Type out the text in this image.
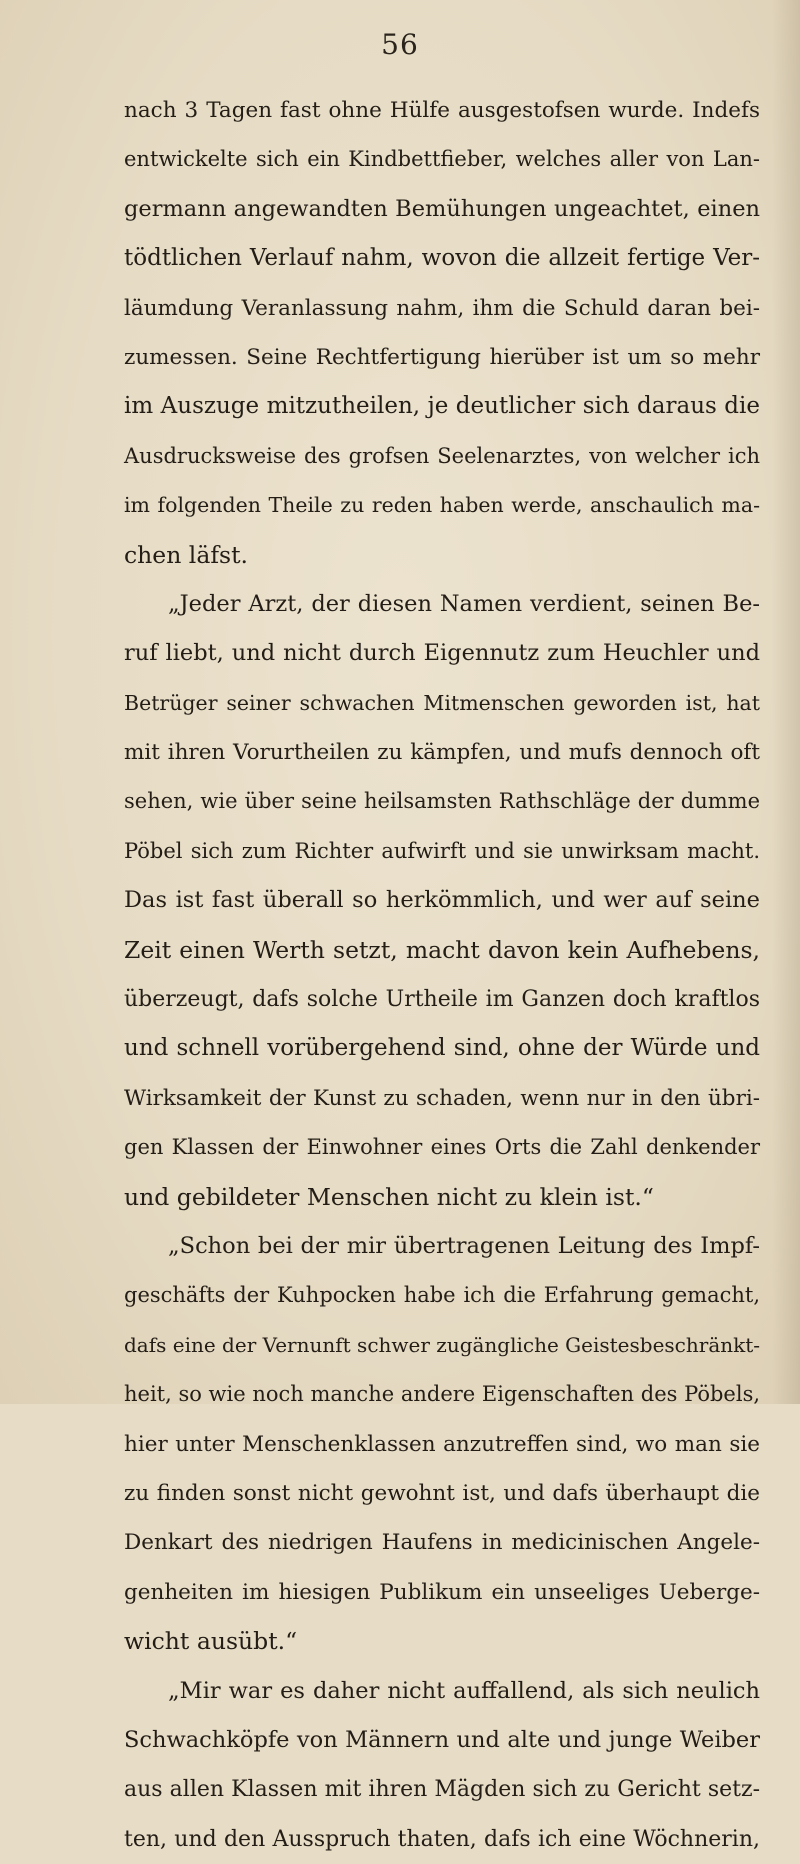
56
nach 3 Tagen fast ohne Hülfe ausgestofsen wurde. Indefs
entwickelte sich ein Kindbettfieber, welches aller von Lan-
germann angewandten Bemühungen ungeachtet, einen
tödtlichen Verlauf nahm, wovon die allzeit fertige Ver-
läumdung Veranlassung nahm, ihm die Schuld daran bei-
zumessen. Seine Rechtfertigung hierüber ist um so mehr
im Auszuge mitzutheilen, je deutlicher sich daraus die
Ausdrucksweise des grofsen Seelenarztes, von welcher ich
im folgenden Theile zu reden haben werde, anschaulich ma-
chen läfst.
„Jeder Arzt, der diesen Namen verdient, seinen Be-
ruf liebt, und nicht durch Eigennutz zum Heuchler und
Betrüger seiner schwachen Mitmenschen geworden ist, hat
mit ihren Vorurtheilen zu kämpfen, und mufs dennoch oft
sehen, wie über seine heilsamsten Rathschläge der dumme
Pöbel sich zum Richter aufwirft und sie unwirksam macht.
Das ist fast überall so herkömmlich, und wer auf seine
Zeit einen Werth setzt, macht davon kein Aufhebens,
überzeugt, dafs solche Urtheile im Ganzen doch kraftlos
und schnell vorübergehend sind, ohne der Würde und
Wirksamkeit der Kunst zu schaden, wenn nur in den übri-
gen Klassen der Einwohner eines Orts die Zahl denkender
und gebildeter Menschen nicht zu klein ist.“
„Schon bei der mir übertragenen Leitung des Impf-
geschäfts der Kuhpocken habe ich die Erfahrung gemacht,
dafs eine der Vernunft schwer zugängliche Geistesbeschränkt-
heit, so wie noch manche andere Eigenschaften des Pöbels,
hier unter Menschenklassen anzutreffen sind, wo man sie
zu finden sonst nicht gewohnt ist, und dafs überhaupt die
Denkart des niedrigen Haufens in medicinischen Angele-
genheiten im hiesigen Publikum ein unseeliges Ueberge-
wicht ausübt.“
„Mir war es daher nicht auffallend, als sich neulich
Schwachköpfe von Männern und alte und junge Weiber
aus allen Klassen mit ihren Mägden sich zu Gericht setz-
ten, und den Ausspruch thaten, dafs ich eine Wöchnerin,
